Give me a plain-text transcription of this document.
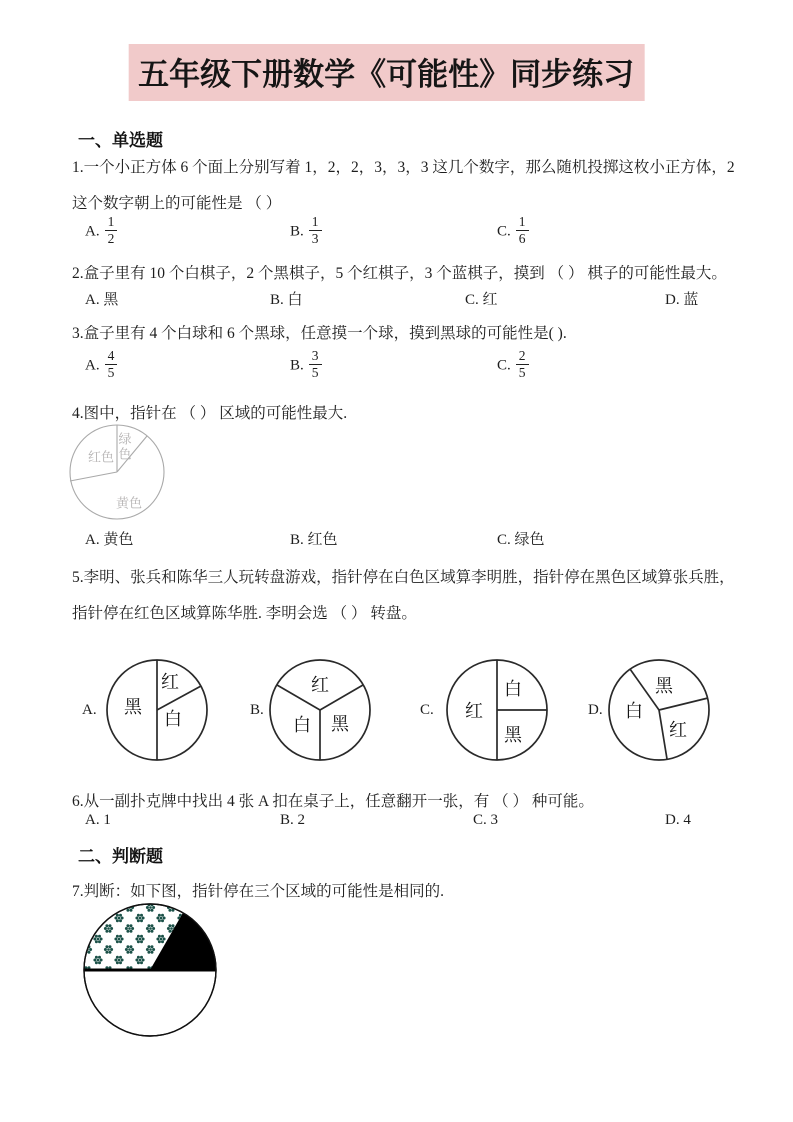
五年级下册数学《可能性》同步练习
一、单选题
1.一个小正方体 6 个面上分别写着 1，2，2，3，3，3 这几个数字，那么随机投掷这枚小正方体，2 这个数字朝上的可能性是 （ ）
A. $\frac{1}{2}$	B. $\frac{1}{3}$	C. $\frac{1}{6}$
2.盒子里有 10 个白棋子，2 个黑棋子，5 个红棋子，3 个蓝棋子，摸到 （ ） 棋子的可能性最大。
A. 黑	B. 白	C. 红	D. 蓝
3.盒子里有 4 个白球和 6 个黑球，任意摸一个球，摸到黑球的可能性是( ).
A. $\frac{4}{5}$	B. $\frac{3}{5}$	C. $\frac{2}{5}$
4.图中，指针在 （ ） 区域的可能性最大.
红色 绿色
黄色
A. 黄色	B. 红色	C. 绿色
5.李明、张兵和陈华三人玩转盘游戏，指针停在白色区域算李明胜，指针停在黑色区域算张兵胜，指针停在红色区域算陈华胜. 李明会选 （ ） 转盘。
A. 黑
红
白	B.
红
白 黑
C. 红
白
黑
D. 白
黑
红
6.从一副扑克牌中找出 4 张 A 扣在桌子上，任意翻开一张，有 （ ） 种可能。
A. 1	B. 2	C. 3	D. 4
二、判断题
7.判断：如下图，指针停在三个区域的可能性是相同的.
